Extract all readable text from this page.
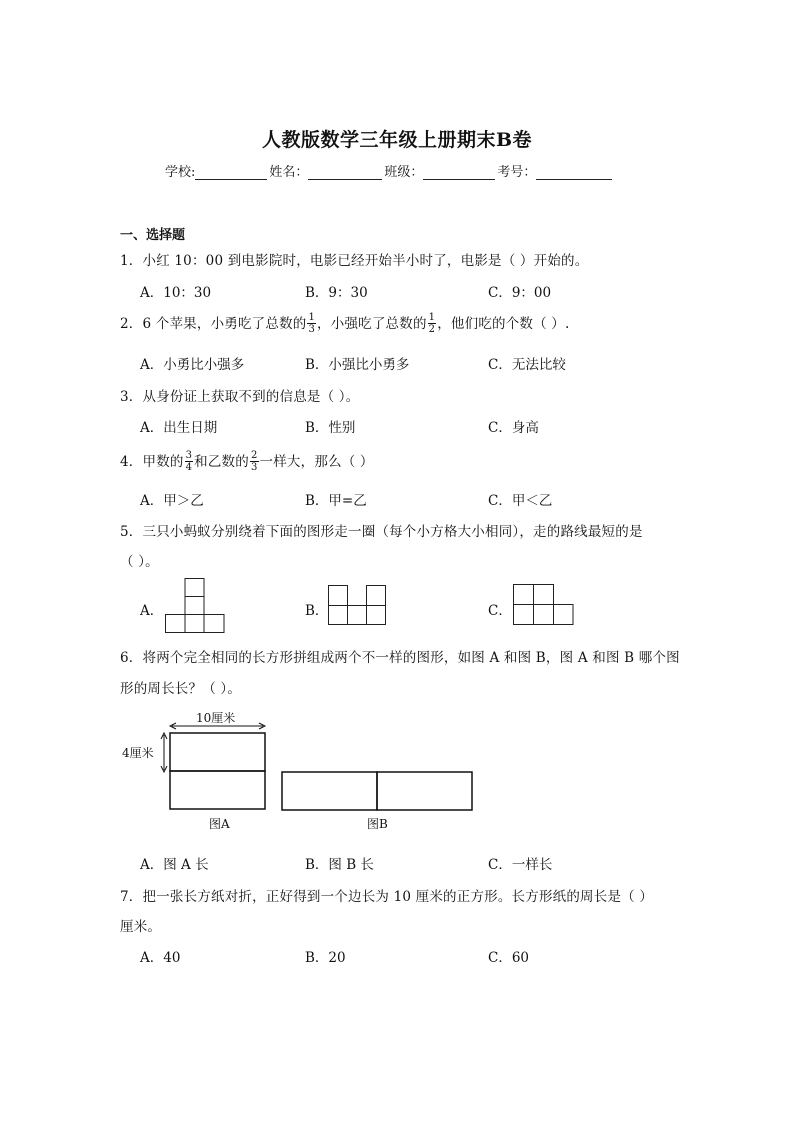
人教版数学三年级上册期末B卷
学校:	姓名：	班级：	考号：
一、选择题
1．小红 10：00 到电影院时，电影已经开始半小时了，电影是（ ）开始的。
A．10：30	B．9：30	C．9：00
2．6 个苹果，小勇吃了总数的 $\frac{1}{3}$ ，小强吃了总数的 $\frac{1}{2}$ ，他们吃的个数（ ）.
A．小勇比小强多	B．小强比小勇多	C．无法比较
3．从身份证上获取不到的信息是（ ）。
A．出生日期	B．性别	C．身高
4．甲数的 $\frac{3}{4}$ 和乙数的 $\frac{2}{3}$ 一样大，那么（ ）
A．甲＞乙	B．甲=乙	C．甲＜乙
5．三只小蚂蚁分别绕着下面的图形走一圈（每个小方格大小相同），走的路线最短的是
（ ）。
A．	B．	C．
6．将两个完全相同的长方形拼组成两个不一样的图形，如图 A 和图 B，图 A 和图 B 哪个图
形的周长长？（ ）。
10厘米
4厘米
图A	图B
A．图 A 长	B．图 B 长	C．一样长
7．把一张长方纸对折，正好得到一个边长为 10 厘米的正方形。长方形纸的周长是（ ）
厘米。
A．40	B．20	C．60
